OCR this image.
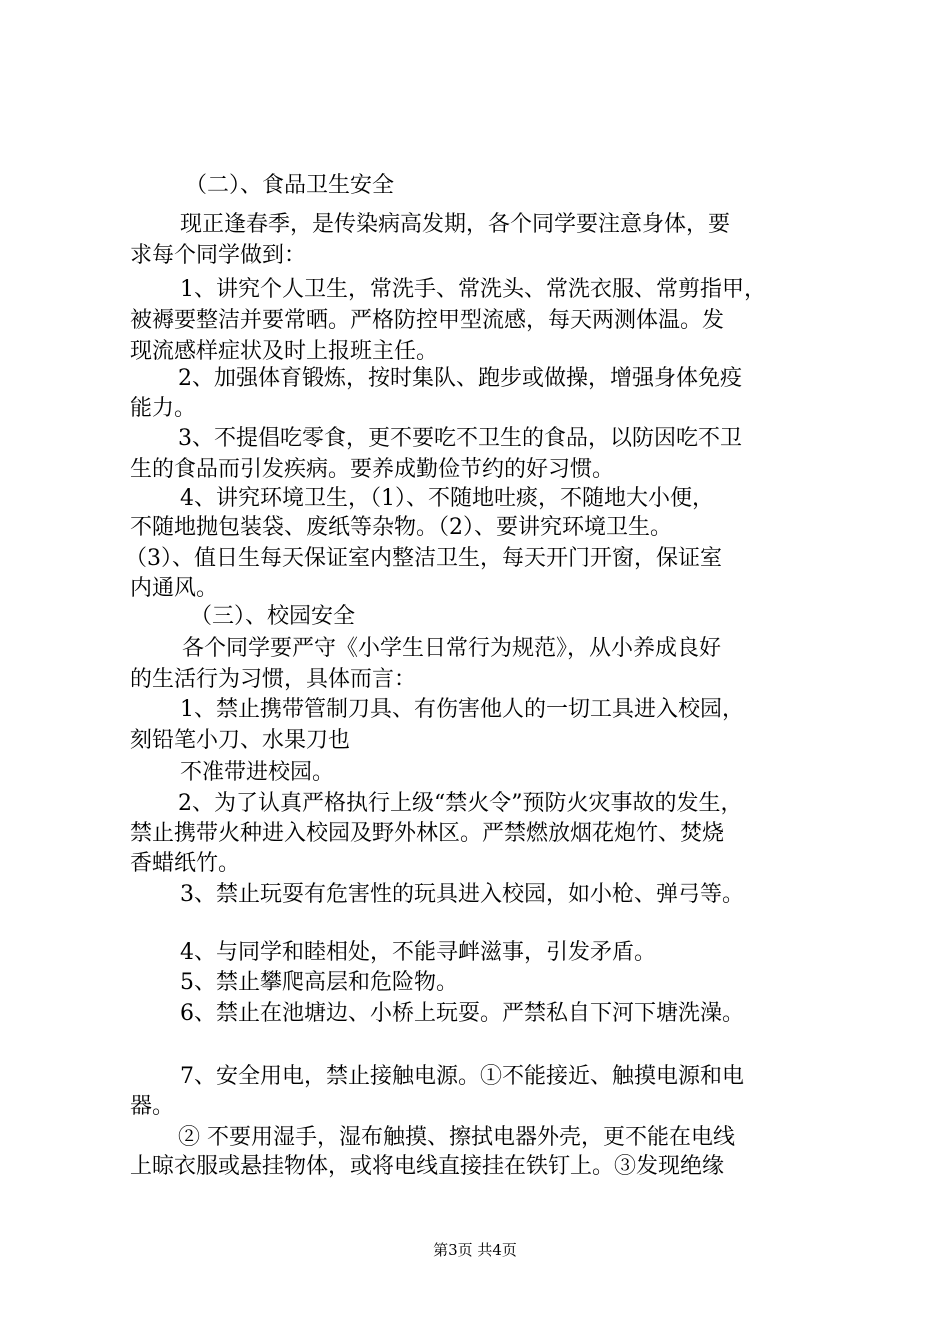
（二）、食品卫生安全
现正逢春季，是传染病高发期，各个同学要注意身体，要
求每个同学做到：
1、讲究个人卫生，常洗手、常洗头、常洗衣服、常剪指甲，
被褥要整洁并要常晒。严格防控甲型流感，每天两测体温。发
现流感样症状及时上报班主任。
2、加强体育锻炼，按时集队、跑步或做操，增强身体免疫
能力。
3、不提倡吃零食，更不要吃不卫生的食品，以防因吃不卫
生的食品而引发疾病。要养成勤俭节约的好习惯。
4、讲究环境卫生，（1）、不随地吐痰，不随地大小便，
不随地抛包装袋、废纸等杂物。（2）、要讲究环境卫生。
（3）、值日生每天保证室内整洁卫生，每天开门开窗，保证室
内通风。
（三）、校园安全
各个同学要严守《小学生日常行为规范》，从小养成良好
的生活行为习惯，具体而言：
1、禁止携带管制刀具、有伤害他人的一切工具进入校园，
刻铅笔小刀、水果刀也
不准带进校园。
2、为了认真严格执行上级“禁火令”预防火灾事故的发生，
禁止携带火种进入校园及野外林区。严禁燃放烟花炮竹、焚烧
香蜡纸竹。
3、禁止玩耍有危害性的玩具进入校园，如小枪、弹弓等。
4、与同学和睦相处，不能寻衅滋事，引发矛盾。
5、禁止攀爬高层和危险物。
6、禁止在池塘边、小桥上玩耍。严禁私自下河下塘洗澡。
7、安全用电，禁止接触电源。①不能接近、触摸电源和电
器。
② 不要用湿手，湿布触摸、擦拭电器外壳，更不能在电线
上晾衣服或悬挂物体，或将电线直接挂在铁钉上。③发现绝缘
第3页 共4页
